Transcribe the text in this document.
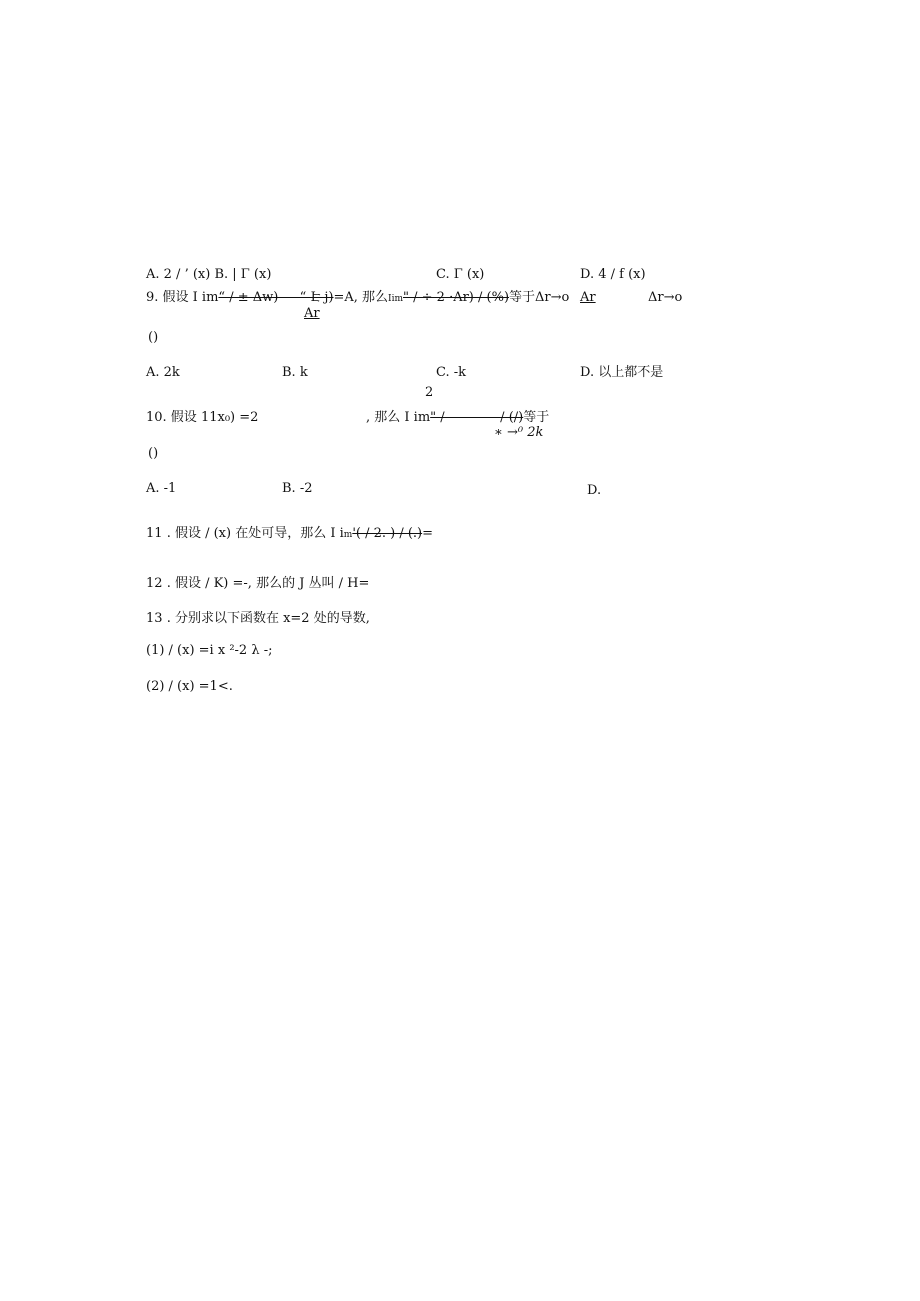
A. 2 / ’ (x) B. | Γ (x)	C. Γ (x)	D. 4 / f (x)
9. 假设 I im“ / ± Δw) — “ Է j)=A, 那么Iim" / ÷ 2 ·Ar) ∕ (%)等于Δr→o Ar	Δr→o
Ar
()
A. 2k	B. k	C. -k	D. 以上都不是
2
10. 假设 11x₀) =2	, 那么 I im" / — — — / (/)等于
∗ →⁰ 2k
()
A. -1	B. -2	D.
11 . 假设 / (x) 在处可导，那么 I im'( / 2. ) ∕ (.)=
12 . 假设 / K) =-, 那么的 J 丛叫 / H=
13 . 分别求以下函数在 x=2 处的导数,
(1) / (x) =i x ²-2 λ -;
(2) / (x) =1<.
